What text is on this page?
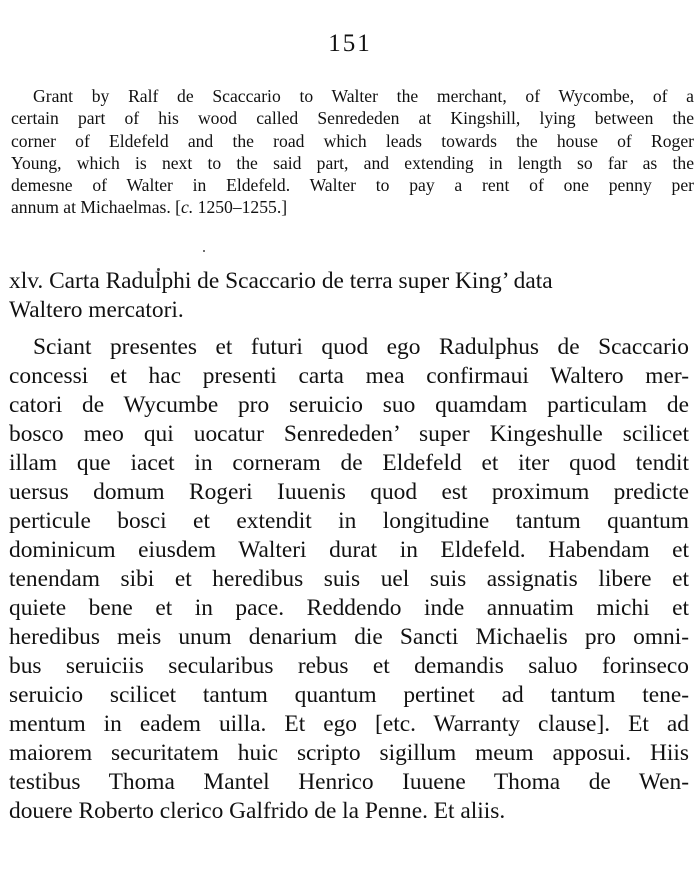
151
Grant by Ralf de Scaccario to Walter the merchant, of Wycombe, of a
certain part of his wood called Senrededen at Kingshill, lying between the
corner of Eldefeld and the road which leads towards the house of Roger
Young, which is next to the said part, and extending in length so far as the
demesne of Walter in Eldefeld. Walter to pay a rent of one penny per
annum at Michaelmas. [c. 1250–1255.]
xlv. Carta Radulphi de Scaccario de terra super King’ data
Waltero mercatori.
Sciant presentes et futuri quod ego Radulphus de Scaccario
concessi et hac presenti carta mea confirmaui Waltero mer-
catori de Wycumbe pro seruicio suo quamdam particulam de
bosco meo qui uocatur Senrededen’ super Kingeshulle scilicet
illam que iacet in corneram de Eldefeld et iter quod tendit
uersus domum Rogeri Iuuenis quod est proximum predicte
perticule bosci et extendit in longitudine tantum quantum
dominicum eiusdem Walteri durat in Eldefeld. Habendam et
tenendam sibi et heredibus suis uel suis assignatis libere et
quiete bene et in pace. Reddendo inde annuatim michi et
heredibus meis unum denarium die Sancti Michaelis pro omni-
bus seruiciis secularibus rebus et demandis saluo forinseco
seruicio scilicet tantum quantum pertinet ad tantum tene-
mentum in eadem uilla. Et ego [etc. Warranty clause]. Et ad
maiorem securitatem huic scripto sigillum meum apposui. Hiis
testibus Thoma Mantel Henrico Iuuene Thoma de Wen-
douere Roberto clerico Galfrido de la Penne. Et aliis.
